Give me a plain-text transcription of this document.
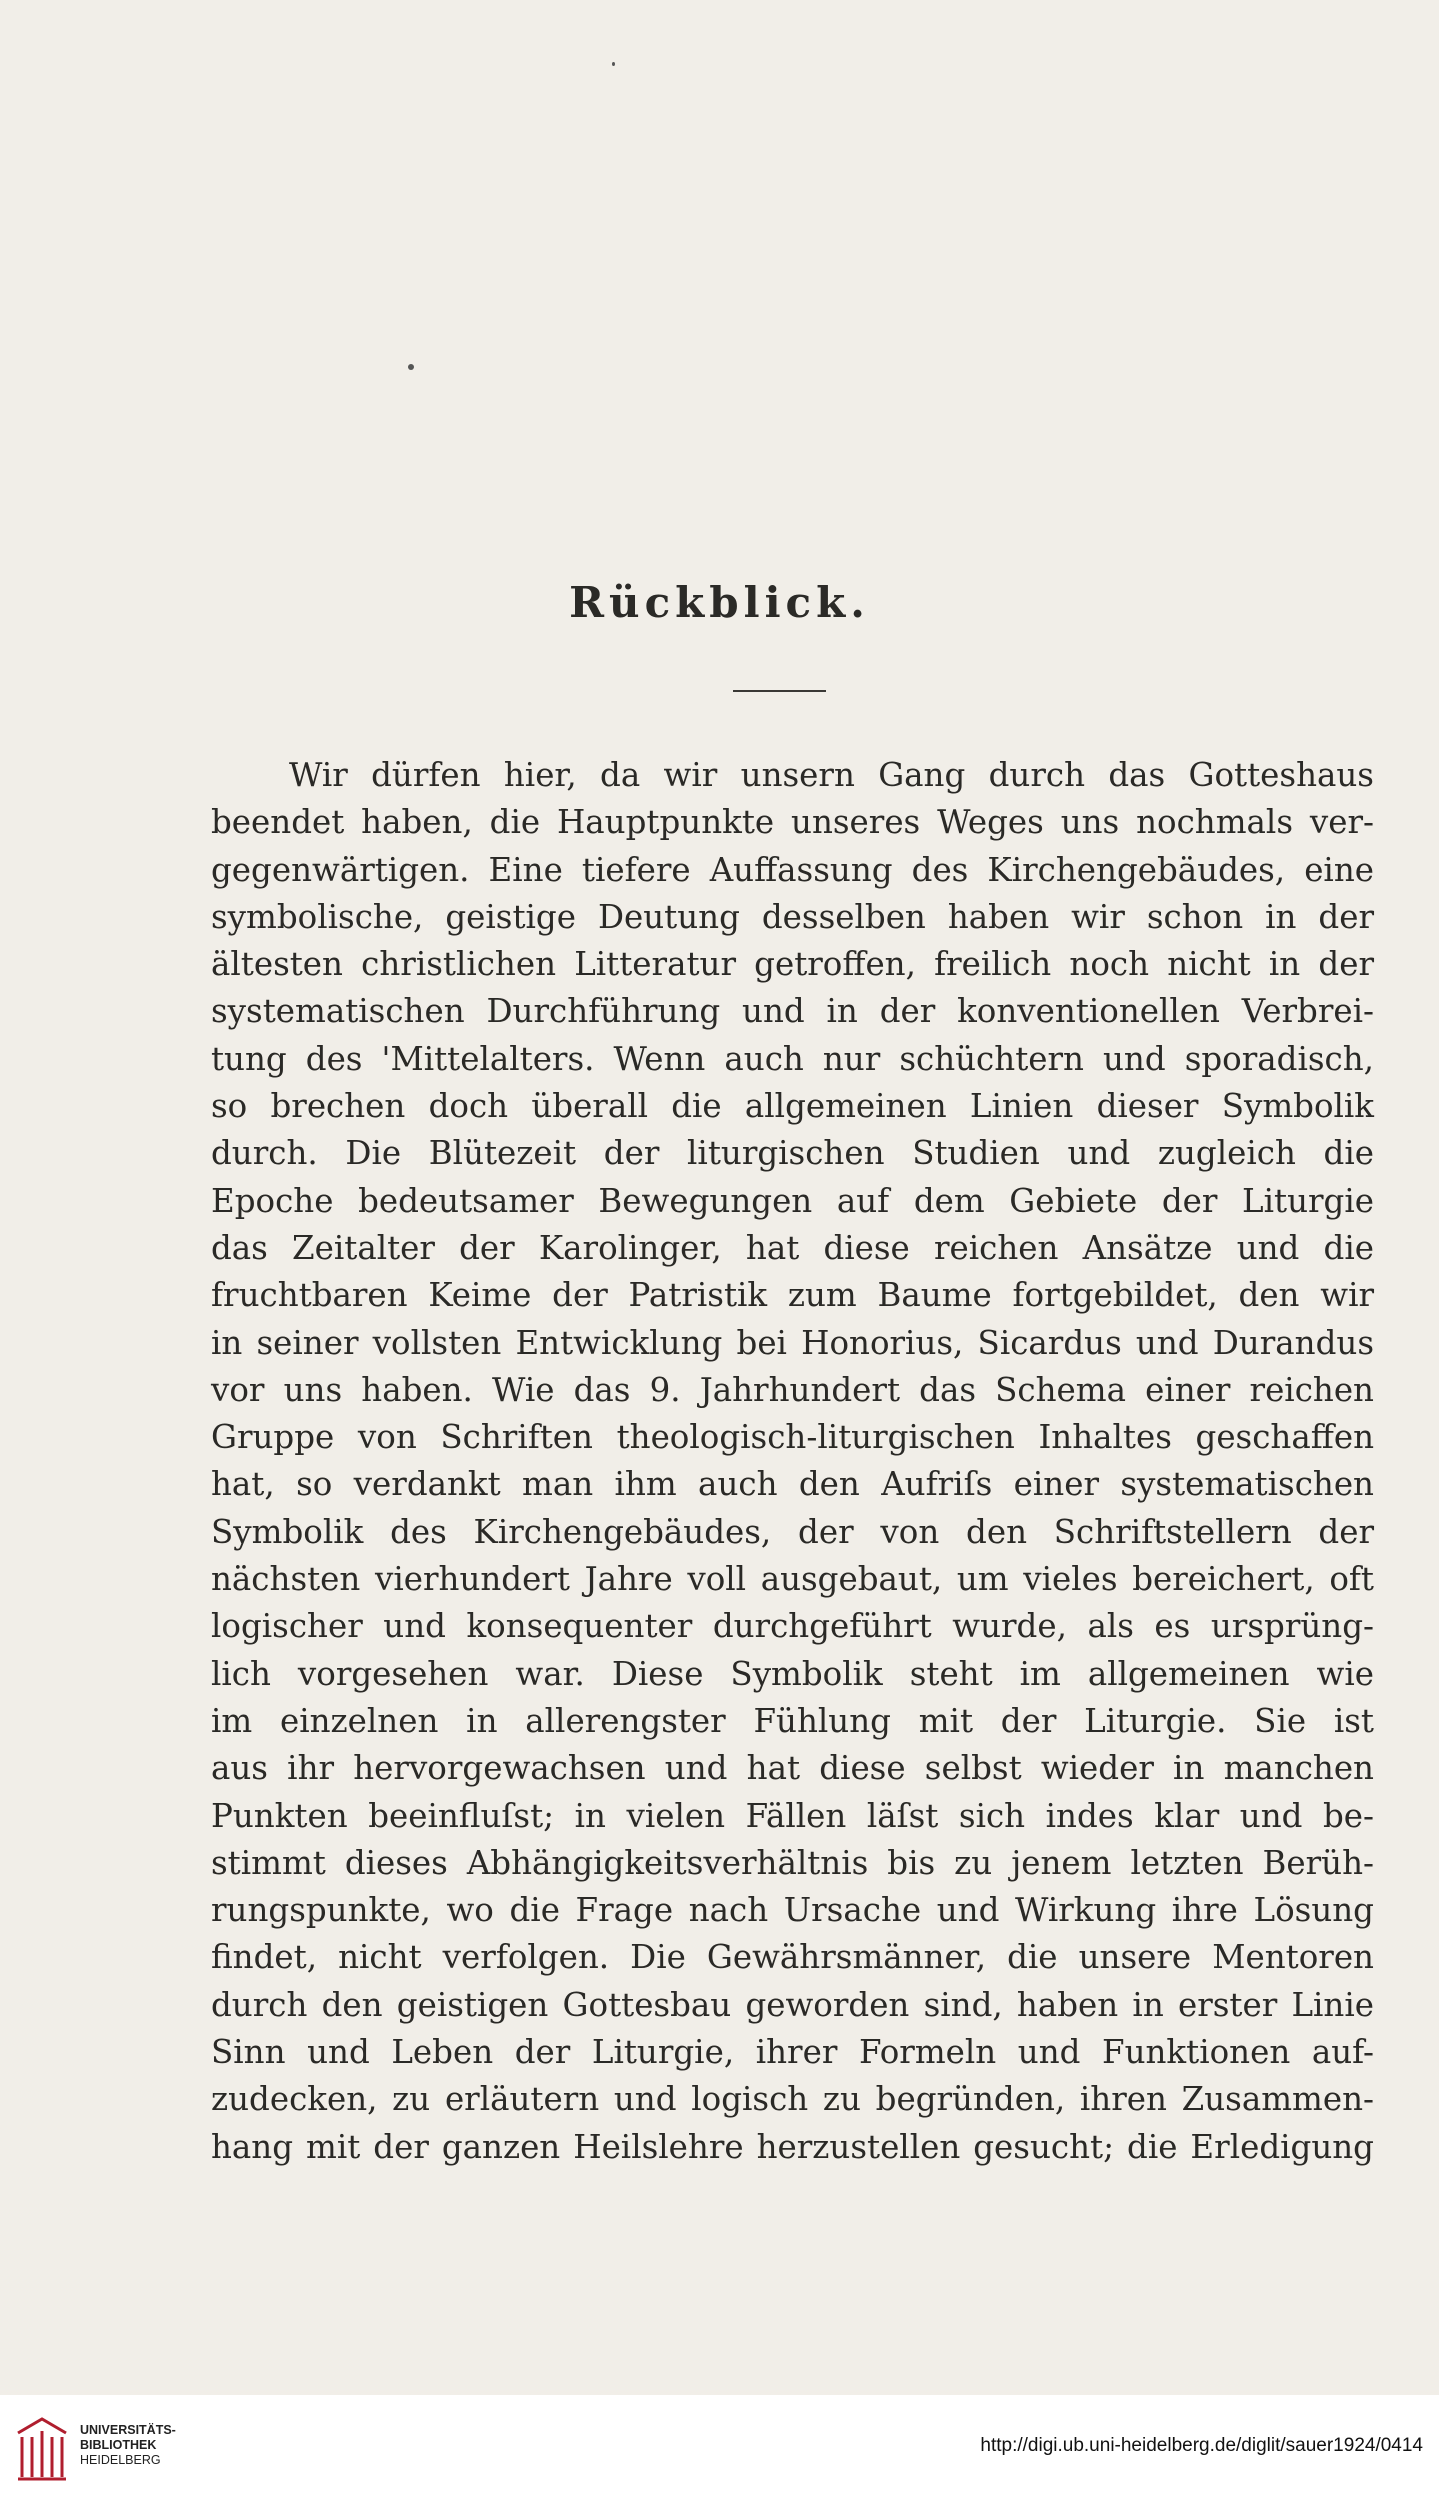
Rückblick.
Wir dürfen hier, da wir unsern Gang durch das Gotteshaus
beendet haben, die Hauptpunkte unseres Weges uns nochmals ver-
gegenwärtigen. Eine tiefere Auffassung des Kirchengebäudes, eine
symbolische, geistige Deutung desselben haben wir schon in der
ältesten christlichen Litteratur getroffen, freilich noch nicht in der
systematischen Durchführung und in der konventionellen Verbrei-
tung des 'Mittelalters. Wenn auch nur schüchtern und sporadisch,
so brechen doch überall die allgemeinen Linien dieser Symbolik
durch. Die Blütezeit der liturgischen Studien und zugleich die
Epoche bedeutsamer Bewegungen auf dem Gebiete der Liturgie
das Zeitalter der Karolinger, hat diese reichen Ansätze und die
fruchtbaren Keime der Patristik zum Baume fortgebildet, den wir
in seiner vollsten Entwicklung bei Honorius, Sicardus und Durandus
vor uns haben. Wie das 9. Jahrhundert das Schema einer reichen
Gruppe von Schriften theologisch-liturgischen Inhaltes geschaffen
hat, so verdankt man ihm auch den Aufriſs einer systematischen
Symbolik des Kirchengebäudes, der von den Schriftstellern der
nächsten vierhundert Jahre voll ausgebaut, um vieles bereichert, oft
logischer und konsequenter durchgeführt wurde, als es ursprüng-
lich vorgesehen war. Diese Symbolik steht im allgemeinen wie
im einzelnen in allerengster Fühlung mit der Liturgie. Sie ist
aus ihr hervorgewachsen und hat diese selbst wieder in manchen
Punkten beeinfluſst; in vielen Fällen läſst sich indes klar und be-
stimmt dieses Abhängigkeitsverhältnis bis zu jenem letzten Berüh-
rungspunkte, wo die Frage nach Ursache und Wirkung ihre Lösung
findet, nicht verfolgen. Die Gewährsmänner, die unsere Mentoren
durch den geistigen Gottesbau geworden sind, haben in erster Linie
Sinn und Leben der Liturgie, ihrer Formeln und Funktionen auf-
zudecken, zu erläutern und logisch zu begründen, ihren Zusammen-
hang mit der ganzen Heilslehre herzustellen gesucht; die Erledigung
UNIVERSITÄTS-
BIBLIOTHEK
HEIDELBERG
http://digi.ub.uni-heidelberg.de/diglit/sauer1924/0414
